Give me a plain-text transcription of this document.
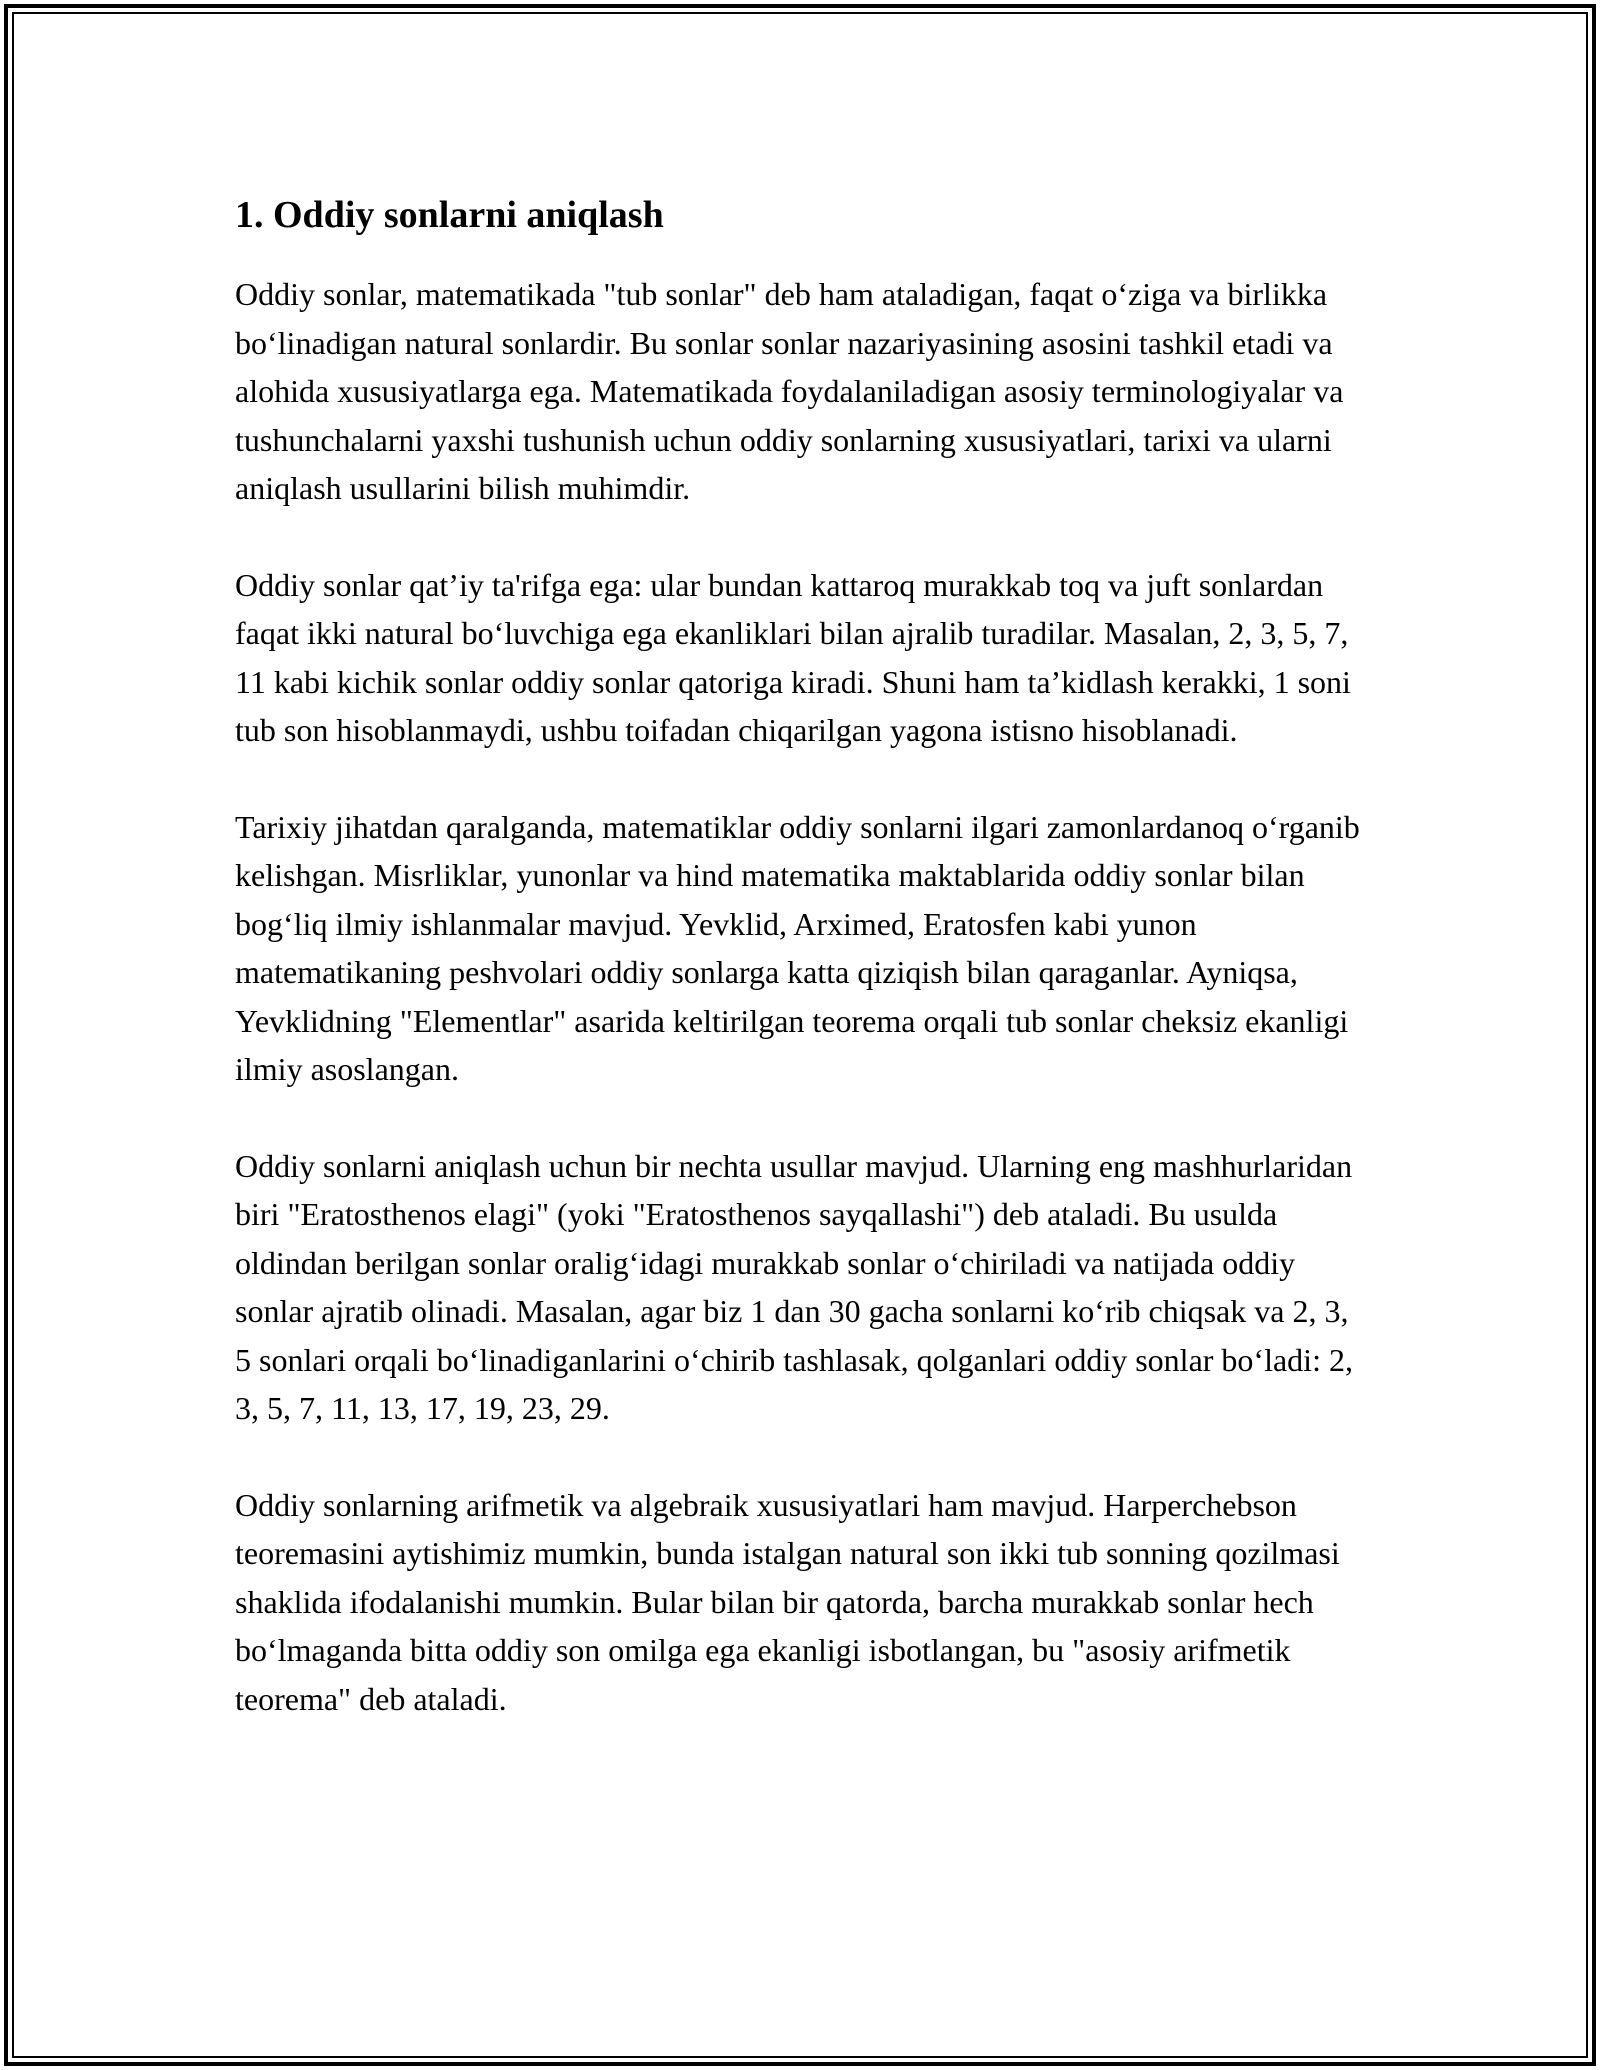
1. Oddiy sonlarni aniqlash

Oddiy sonlar, matematikada "tub sonlar" deb ham ataladigan, faqat o‘ziga va birlikka bo‘linadigan natural sonlardir. Bu sonlar sonlar nazariyasining asosini tashkil etadi va alohida xususiyatlarga ega. Matematikada foydalaniladigan asosiy terminologiyalar va tushunchalarni yaxshi tushunish uchun oddiy sonlarning xususiyatlari, tarixi va ularni aniqlash usullarini bilish muhimdir.

Oddiy sonlar qat’iy ta'rifga ega: ular bundan kattaroq murakkab toq va juft sonlardan faqat ikki natural bo‘luvchiga ega ekanliklari bilan ajralib turadilar. Masalan, 2, 3, 5, 7, 11 kabi kichik sonlar oddiy sonlar qatoriga kiradi. Shuni ham ta’kidlash kerakki, 1 soni tub son hisoblanmaydi, ushbu toifadan chiqarilgan yagona istisno hisoblanadi.

Tarixiy jihatdan qaralganda, matematiklar oddiy sonlarni ilgari zamonlardanoq o‘rganib kelishgan. Misrliklar, yunonlar va hind matematika maktablarida oddiy sonlar bilan bog‘liq ilmiy ishlanmalar mavjud. Yevklid, Arximed, Eratosfen kabi yunon matematikaning peshvolari oddiy sonlarga katta qiziqish bilan qaraganlar. Ayniqsa, Yevklidning "Elementlar" asarida keltirilgan teorema orqali tub sonlar cheksiz ekanligi ilmiy asoslangan.

Oddiy sonlarni aniqlash uchun bir nechta usullar mavjud. Ularning eng mashhurlaridan biri "Eratosthenos elagi" (yoki "Eratosthenos sayqallashi") deb ataladi. Bu usulda oldindan berilgan sonlar oralig‘idagi murakkab sonlar o‘chiriladi va natijada oddiy sonlar ajratib olinadi. Masalan, agar biz 1 dan 30 gacha sonlarni ko‘rib chiqsak va 2, 3, 5 sonlari orqali bo‘linadiganlarini o‘chirib tashlasak, qolganlari oddiy sonlar bo‘ladi: 2, 3, 5, 7, 11, 13, 17, 19, 23, 29.

Oddiy sonlarning arifmetik va algebraik xususiyatlari ham mavjud. Harperchebson teoremasini aytishimiz mumkin, bunda istalgan natural son ikki tub sonning qozilmasi shaklida ifodalanishi mumkin. Bular bilan bir qatorda, barcha murakkab sonlar hech bo‘lmaganda bitta oddiy son omilga ega ekanligi isbotlangan, bu "asosiy arifmetik teorema" deb ataladi.
